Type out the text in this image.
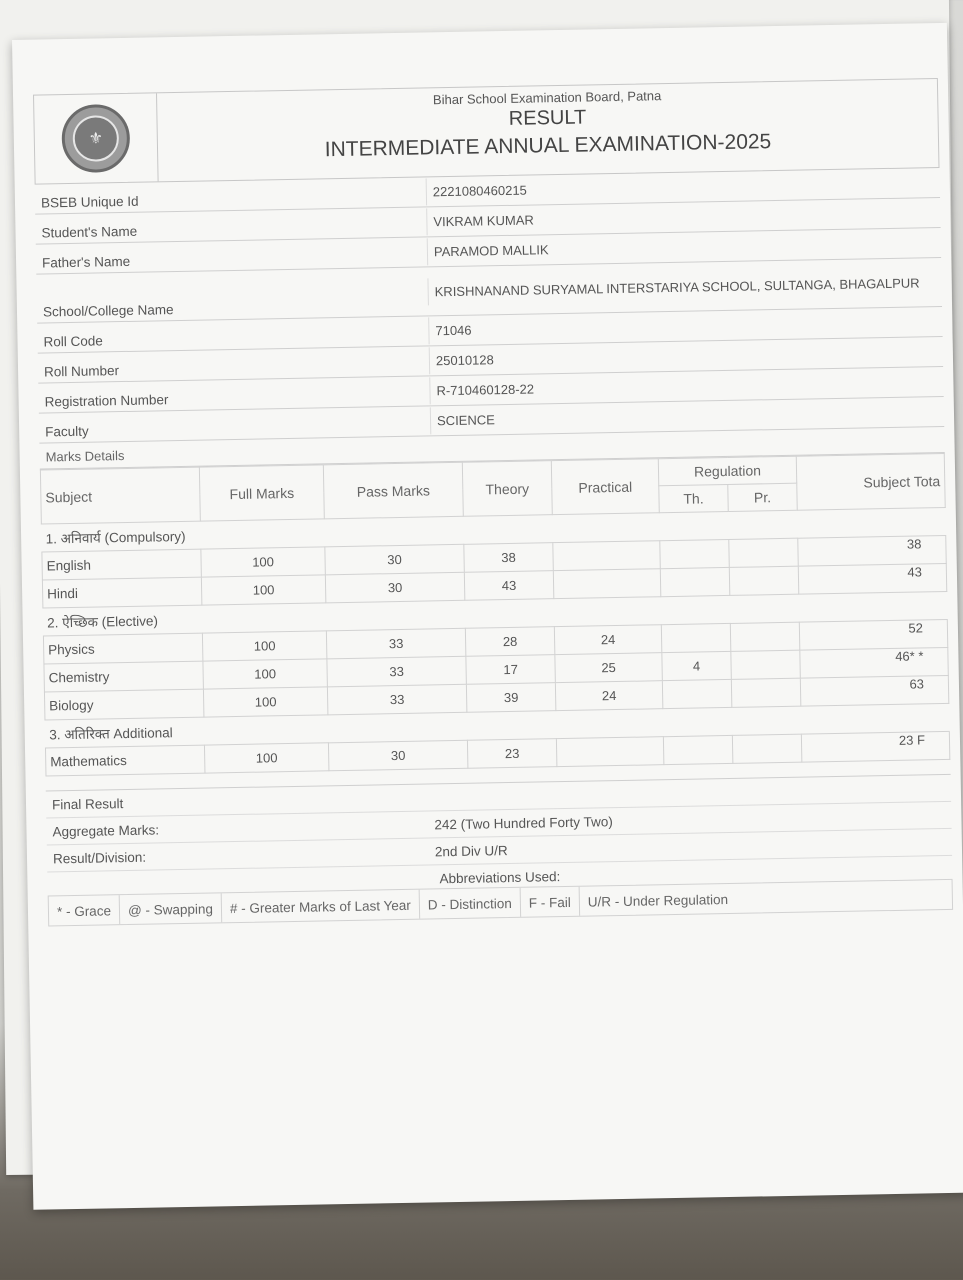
⚜
Bihar School Examination Board, Patna
RESULT
INTERMEDIATE ANNUAL EXAMINATION-2025
BSEB Unique Id
2221080460215
Student's Name
VIKRAM KUMAR
Father's Name
PARAMOD MALLIK
School/College Name
KRISHNANAND SURYAMAL INTERSTARIYA SCHOOL, SULTANGA, BHAGALPUR
Roll Code
71046
Roll Number
25010128
Registration Number
R-710460128-22
Faculty
SCIENCE
Marks Details
Subject	Full Marks	Pass Marks	Theory	Practical	Regulation		Subject Tota
					Th.	Pr.	
1. अनिवार्य (Compulsory)							
English	100	30	38				38
Hindi	100	30	43				43
2. ऐच्छिक (Elective)							
Physics	100	33	28	24			52
Chemistry	100	33	17	25	4		46* *
Biology	100	33	39	24			63
3. अतिरिक्त Additional							
Mathematics	100	30	23				23 F
Final Result
Aggregate Marks:	242 (Two Hundred Forty Two)
Result/Division:	2nd Div U/R
Abbreviations Used:
* - Grace	@ - Swapping	# - Greater Marks of Last Year	D - Distinction	F - Fail	U/R - Under Regulation
